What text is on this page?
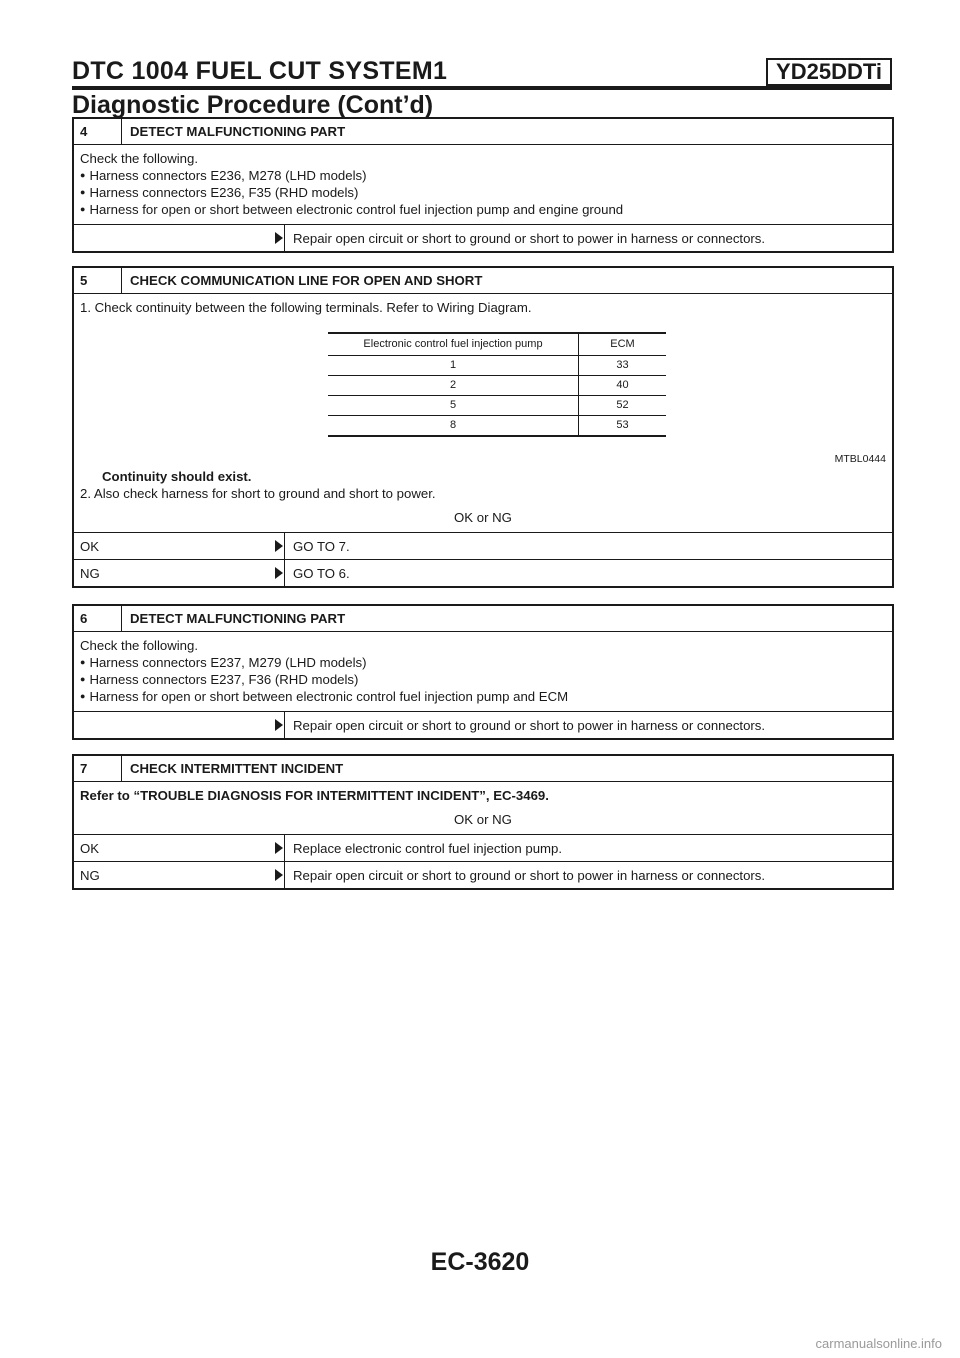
DTC 1004 FUEL CUT SYSTEM1	YD25DDTi
Diagnostic Procedure (Cont’d)
4	DETECT MALFUNCTIONING PART
Check the following.
● Harness connectors E236, M278 (LHD models)
● Harness connectors E236, F35 (RHD models)
● Harness for open or short between electronic control fuel injection pump and engine ground
Repair open circuit or short to ground or short to power in harness or connectors.
5	CHECK COMMUNICATION LINE FOR OPEN AND SHORT
1. Check continuity between the following terminals. Refer to Wiring Diagram.
Electronic control fuel injection pump	ECM
1	33
2	40
5	52
8	53
MTBL0444
Continuity should exist.
2. Also check harness for short to ground and short to power.
OK or NG
OK	GO TO 7.
NG	GO TO 6.
6	DETECT MALFUNCTIONING PART
Check the following.
● Harness connectors E237, M279 (LHD models)
● Harness connectors E237, F36 (RHD models)
● Harness for open or short between electronic control fuel injection pump and ECM
Repair open circuit or short to ground or short to power in harness or connectors.
7	CHECK INTERMITTENT INCIDENT
Refer to “TROUBLE DIAGNOSIS FOR INTERMITTENT INCIDENT”, EC-3469.
OK or NG
OK	Replace electronic control fuel injection pump.
NG	Repair open circuit or short to ground or short to power in harness or connectors.
EC-3620
carmanualsonline.info
